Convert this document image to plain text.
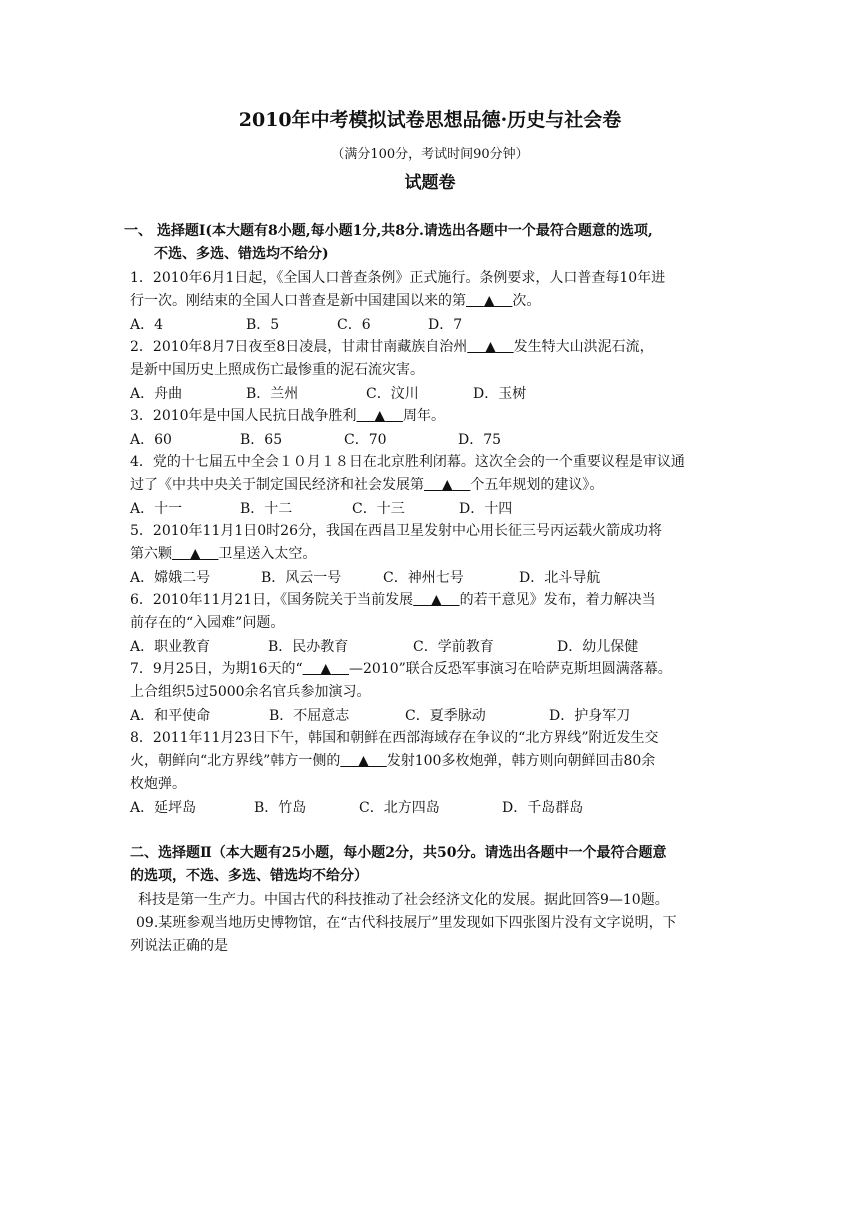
2010年中考模拟试卷思想品德·历史与社会卷
（满分100分，考试时间90分钟）
试题卷
一、 选择题Ⅰ(本大题有8小题,每小题1分,共8分.请选出各题中一个最符合题意的选项,
不选、多选、错选均不给分)
1．2010年6月1日起，《全国人口普查条例》正式施行。条例要求，人口普查每10年进
行一次。刚结束的全国人口普查是新中国建国以来的第 ▲ 次。
A．4	B．5	C．6	D．7
2．2010年8月7日夜至8日凌晨，甘肃甘南藏族自治州 ▲ 发生特大山洪泥石流，
是新中国历史上照成伤亡最惨重的泥石流灾害。
A．舟曲	B．兰州	C．汶川	D．玉树
3．2010年是中国人民抗日战争胜利 ▲ 周年。
A．60	B．65	C．70	D．75
4．党的十七届五中全会１０月１８日在北京胜利闭幕。这次全会的一个重要议程是审议通
过了《中共中央关于制定国民经济和社会发展第 ▲ 个五年规划的建议》。
A．十一	B．十二	C．十三	D．十四
5．2010年11月1日0时26分，我国在西昌卫星发射中心用长征三号丙运载火箭成功将
第六颗 ▲ 卫星送入太空。
A．嫦娥二号	B．风云一号	C．神州七号	D．北斗导航
6．2010年11月21日，《国务院关于当前发展 ▲ 的若干意见》发布，着力解决当
前存在的“入园难”问题。
A．职业教育	B．民办教育	C．学前教育	D．幼儿保健
7．9月25日，为期16天的“ ▲ —2010”联合反恐军事演习在哈萨克斯坦圆满落幕。
上合组织5过5000余名官兵参加演习。
A．和平使命	B．不屈意志	C．夏季脉动	D．护身军刀
8．2011年11月23日下午，韩国和朝鲜在西部海域存在争议的“北方界线”附近发生交
火，朝鲜向“北方界线”韩方一侧的 ▲ 发射100多枚炮弹，韩方则向朝鲜回击80余
枚炮弹。
A．延坪岛	B．竹岛	C．北方四岛	D．千岛群岛
二、选择题Ⅱ（本大题有25小题，每小题2分，共50分。请选出各题中一个最符合题意
的选项，不选、多选、错选均不给分）
科技是第一生产力。中国古代的科技推动了社会经济文化的发展。据此回答9—10题。
09.某班参观当地历史博物馆，在“古代科技展厅”里发现如下四张图片没有文字说明，下
列说法正确的是
